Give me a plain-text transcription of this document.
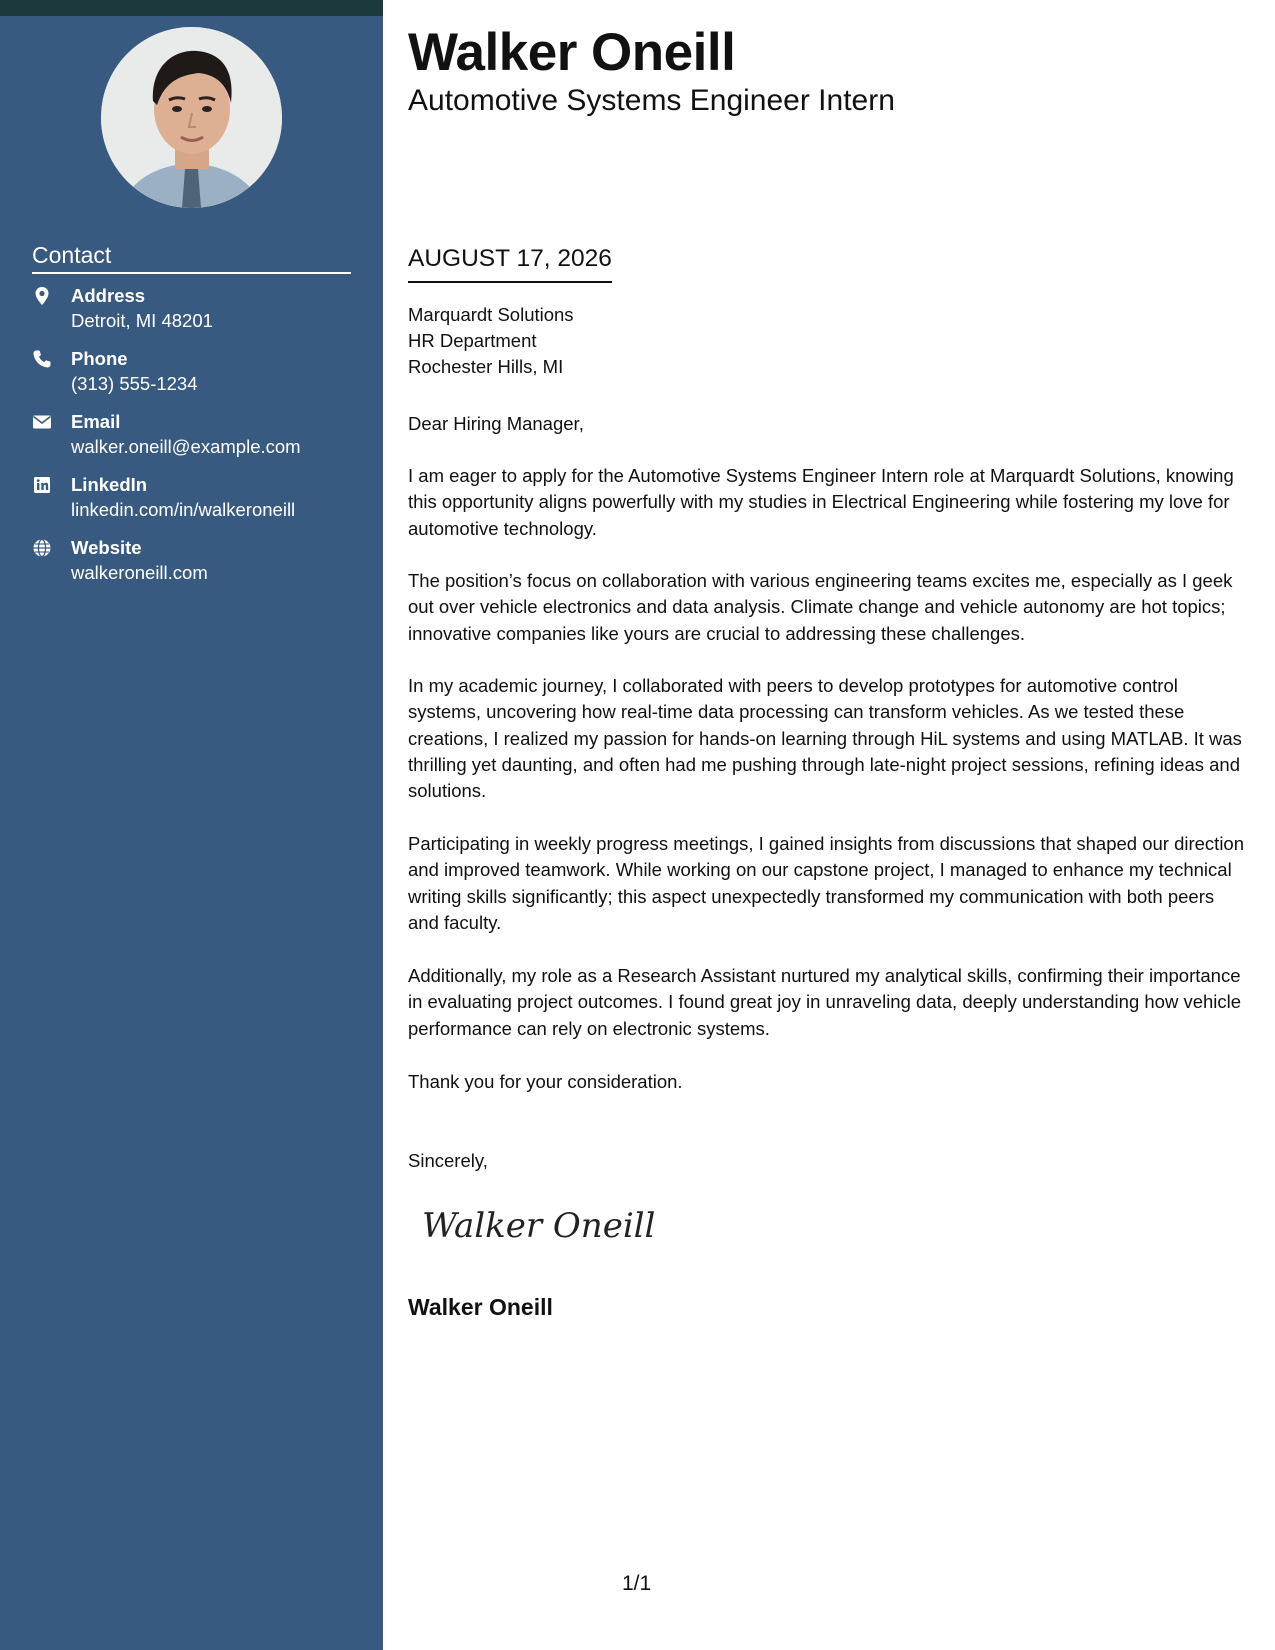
Contact
Address
Detroit, MI 48201
Phone
(313) 555-1234
Email
walker.oneill@example.com
LinkedIn
linkedin.com/in/walkeroneill
Website
walkeroneill.com
Walker Oneill
Automotive Systems Engineer Intern
AUGUST 17, 2026
Marquardt Solutions
HR Department
Rochester Hills, MI
Dear Hiring Manager,
I am eager to apply for the Automotive Systems Engineer Intern role at Marquardt Solutions, knowing this opportunity aligns powerfully with my studies in Electrical Engineering while fostering my love for automotive technology.
The position’s focus on collaboration with various engineering teams excites me, especially as I geek out over vehicle electronics and data analysis. Climate change and vehicle autonomy are hot topics; innovative companies like yours are crucial to addressing these challenges.
In my academic journey, I collaborated with peers to develop prototypes for automotive control systems, uncovering how real-time data processing can transform vehicles. As we tested these creations, I realized my passion for hands-on learning through HiL systems and using MATLAB. It was thrilling yet daunting, and often had me pushing through late-night project sessions, refining ideas and solutions.
Participating in weekly progress meetings, I gained insights from discussions that shaped our direction and improved teamwork. While working on our capstone project, I managed to enhance my technical writing skills significantly; this aspect unexpectedly transformed my communication with both peers and faculty.
Additionally, my role as a Research Assistant nurtured my analytical skills, confirming their importance in evaluating project outcomes. I found great joy in unraveling data, deeply understanding how vehicle performance can rely on electronic systems.
Thank you for your consideration.
Sincerely,
Walker Oneill
Walker Oneill
1/1
